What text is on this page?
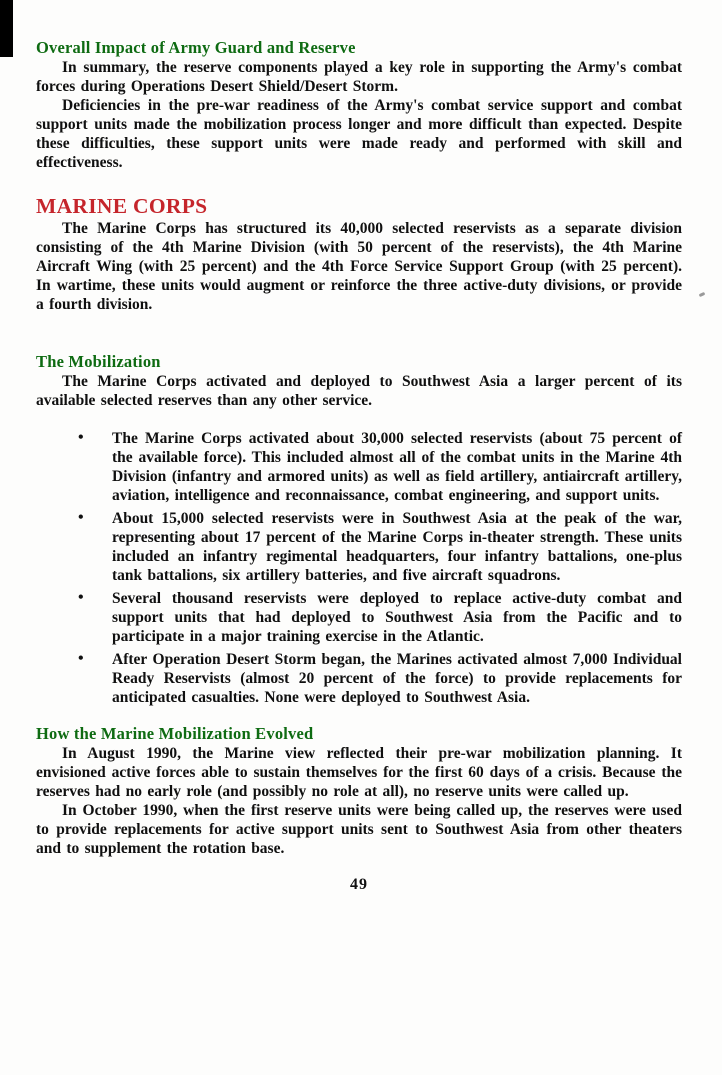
Overall Impact of Army Guard and Reserve

In summary, the reserve components played a key role in supporting the Army's combat forces during Operations Desert Shield/Desert Storm.

Deficiencies in the pre-war readiness of the Army's combat service support and combat support units made the mobilization process longer and more difficult than expected. Despite these difficulties, these support units were made ready and performed with skill and effectiveness.

MARINE CORPS

The Marine Corps has structured its 40,000 selected reservists as a separate division consisting of the 4th Marine Division (with 50 percent of the reservists), the 4th Marine Aircraft Wing (with 25 percent) and the 4th Force Service Support Group (with 25 percent). In wartime, these units would augment or reinforce the three active-duty divisions, or provide a fourth division.

The Mobilization

The Marine Corps activated and deployed to Southwest Asia a larger percent of its available selected reserves than any other service.

• The Marine Corps activated about 30,000 selected reservists (about 75 percent of the available force). This included almost all of the combat units in the Marine 4th Division (infantry and armored units) as well as field artillery, antiaircraft artillery, aviation, intelligence and reconnaissance, combat engineering, and support units.
• About 15,000 selected reservists were in Southwest Asia at the peak of the war, representing about 17 percent of the Marine Corps in-theater strength. These units included an infantry regimental headquarters, four infantry battalions, one-plus tank battalions, six artillery batteries, and five aircraft squadrons.
• Several thousand reservists were deployed to replace active-duty combat and support units that had deployed to Southwest Asia from the Pacific and to participate in a major training exercise in the Atlantic.
• After Operation Desert Storm began, the Marines activated almost 7,000 Individual Ready Reservists (almost 20 percent of the force) to provide replacements for anticipated casualties. None were deployed to Southwest Asia.
How the Marine Mobilization Evolved

In August 1990, the Marine view reflected their pre-war mobilization planning. It envisioned active forces able to sustain themselves for the first 60 days of a crisis. Because the reserves had no early role (and possibly no role at all), no reserve units were called up.

In October 1990, when the first reserve units were being called up, the reserves were used to provide replacements for active support units sent to Southwest Asia from other theaters and to supplement the rotation base.

49
